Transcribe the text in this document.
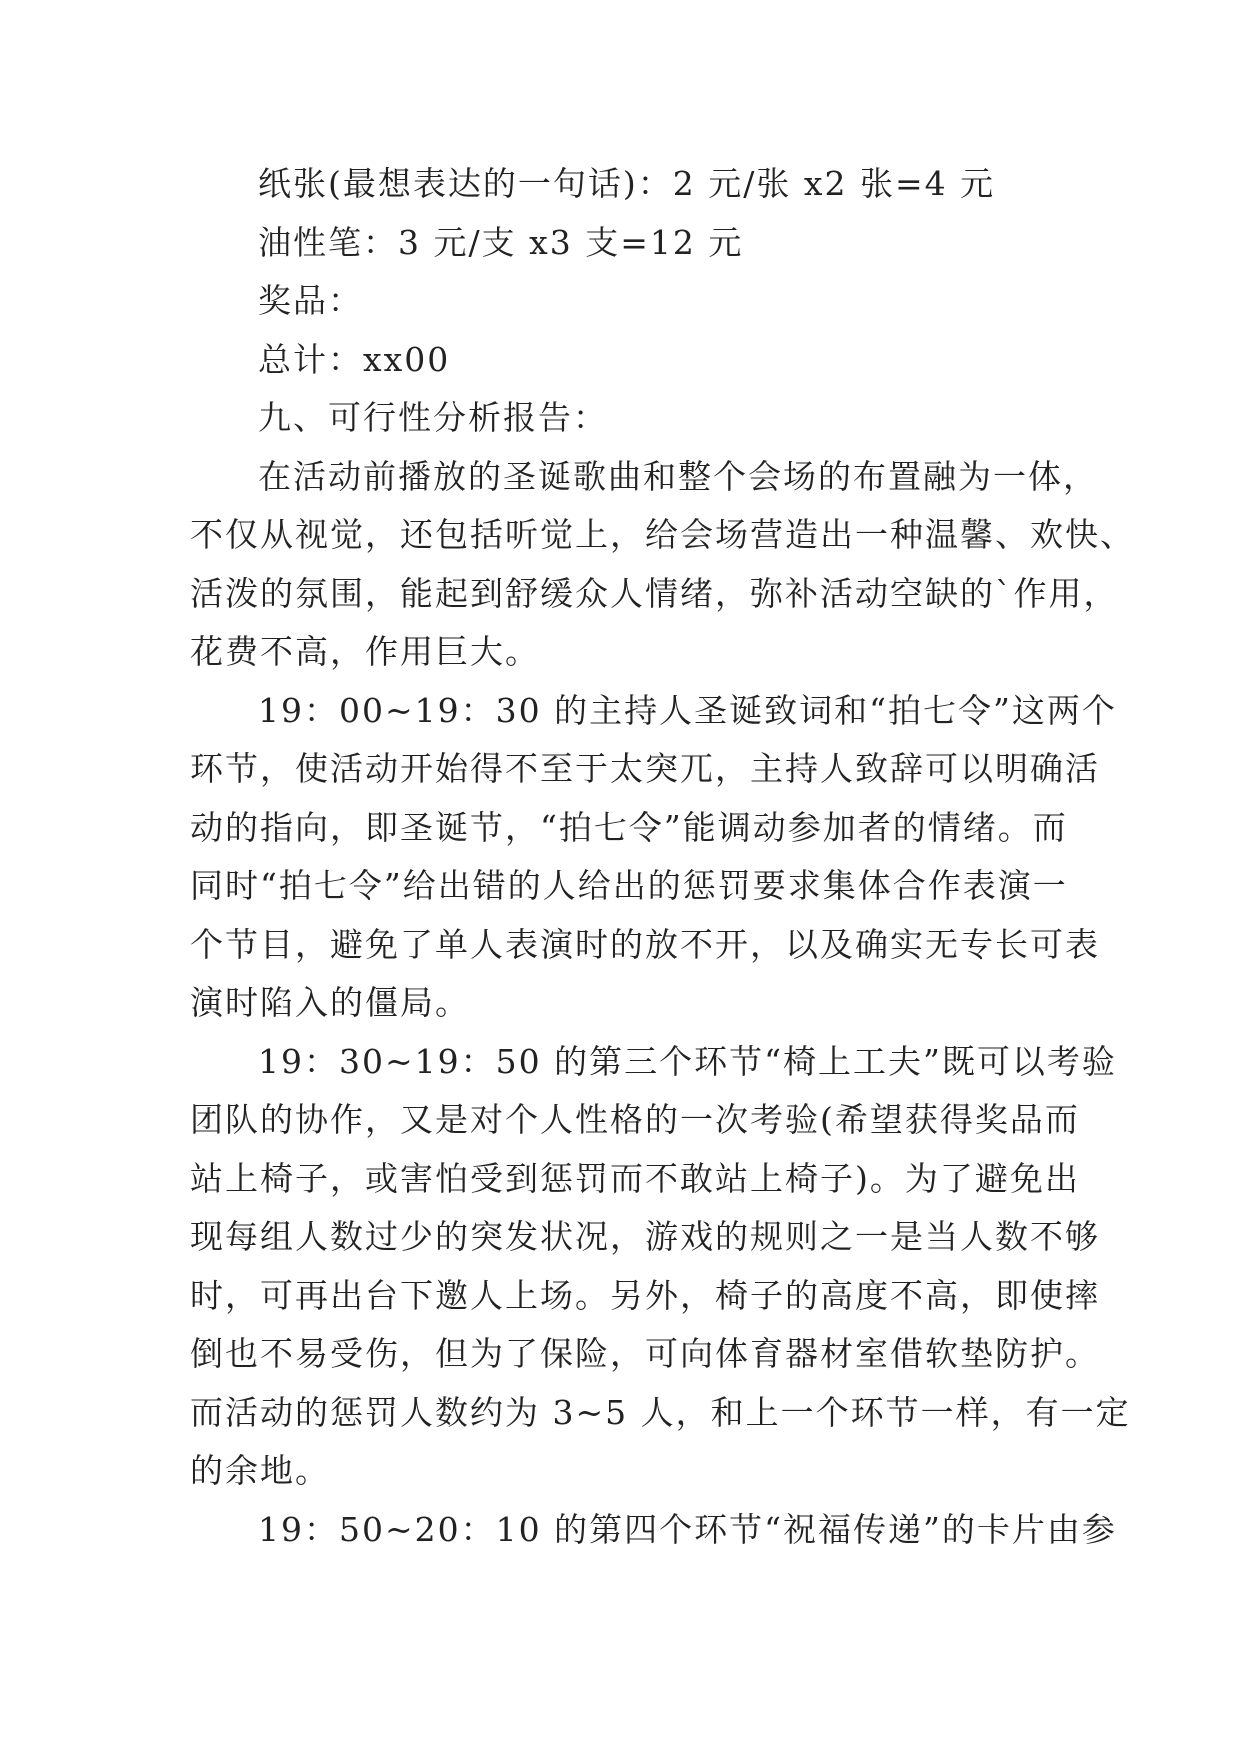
纸张(最想表达的一句话)：2 元/张 x2 张=4 元
油性笔：3 元/支 x3 支=12 元
奖品：
总计：xx00
九、可行性分析报告：
在活动前播放的圣诞歌曲和整个会场的布置融为一体，
不仅从视觉，还包括听觉上，给会场营造出一种温馨、欢快、
活泼的氛围，能起到舒缓众人情绪，弥补活动空缺的`作用，
花费不高，作用巨大。
19：00~19：30 的主持人圣诞致词和“拍七令”这两个
环节，使活动开始得不至于太突兀，主持人致辞可以明确活
动的指向，即圣诞节，“拍七令”能调动参加者的情绪。而
同时“拍七令”给出错的人给出的惩罚要求集体合作表演一
个节目，避免了单人表演时的放不开，以及确实无专长可表
演时陷入的僵局。
19：30~19：50 的第三个环节“椅上工夫”既可以考验
团队的协作，又是对个人性格的一次考验(希望获得奖品而
站上椅子，或害怕受到惩罚而不敢站上椅子)。为了避免出
现每组人数过少的突发状况，游戏的规则之一是当人数不够
时，可再出台下邀人上场。另外，椅子的高度不高，即使摔
倒也不易受伤，但为了保险，可向体育器材室借软垫防护。
而活动的惩罚人数约为 3~5 人，和上一个环节一样，有一定
的余地。
19：50~20：10 的第四个环节“祝福传递”的卡片由参
